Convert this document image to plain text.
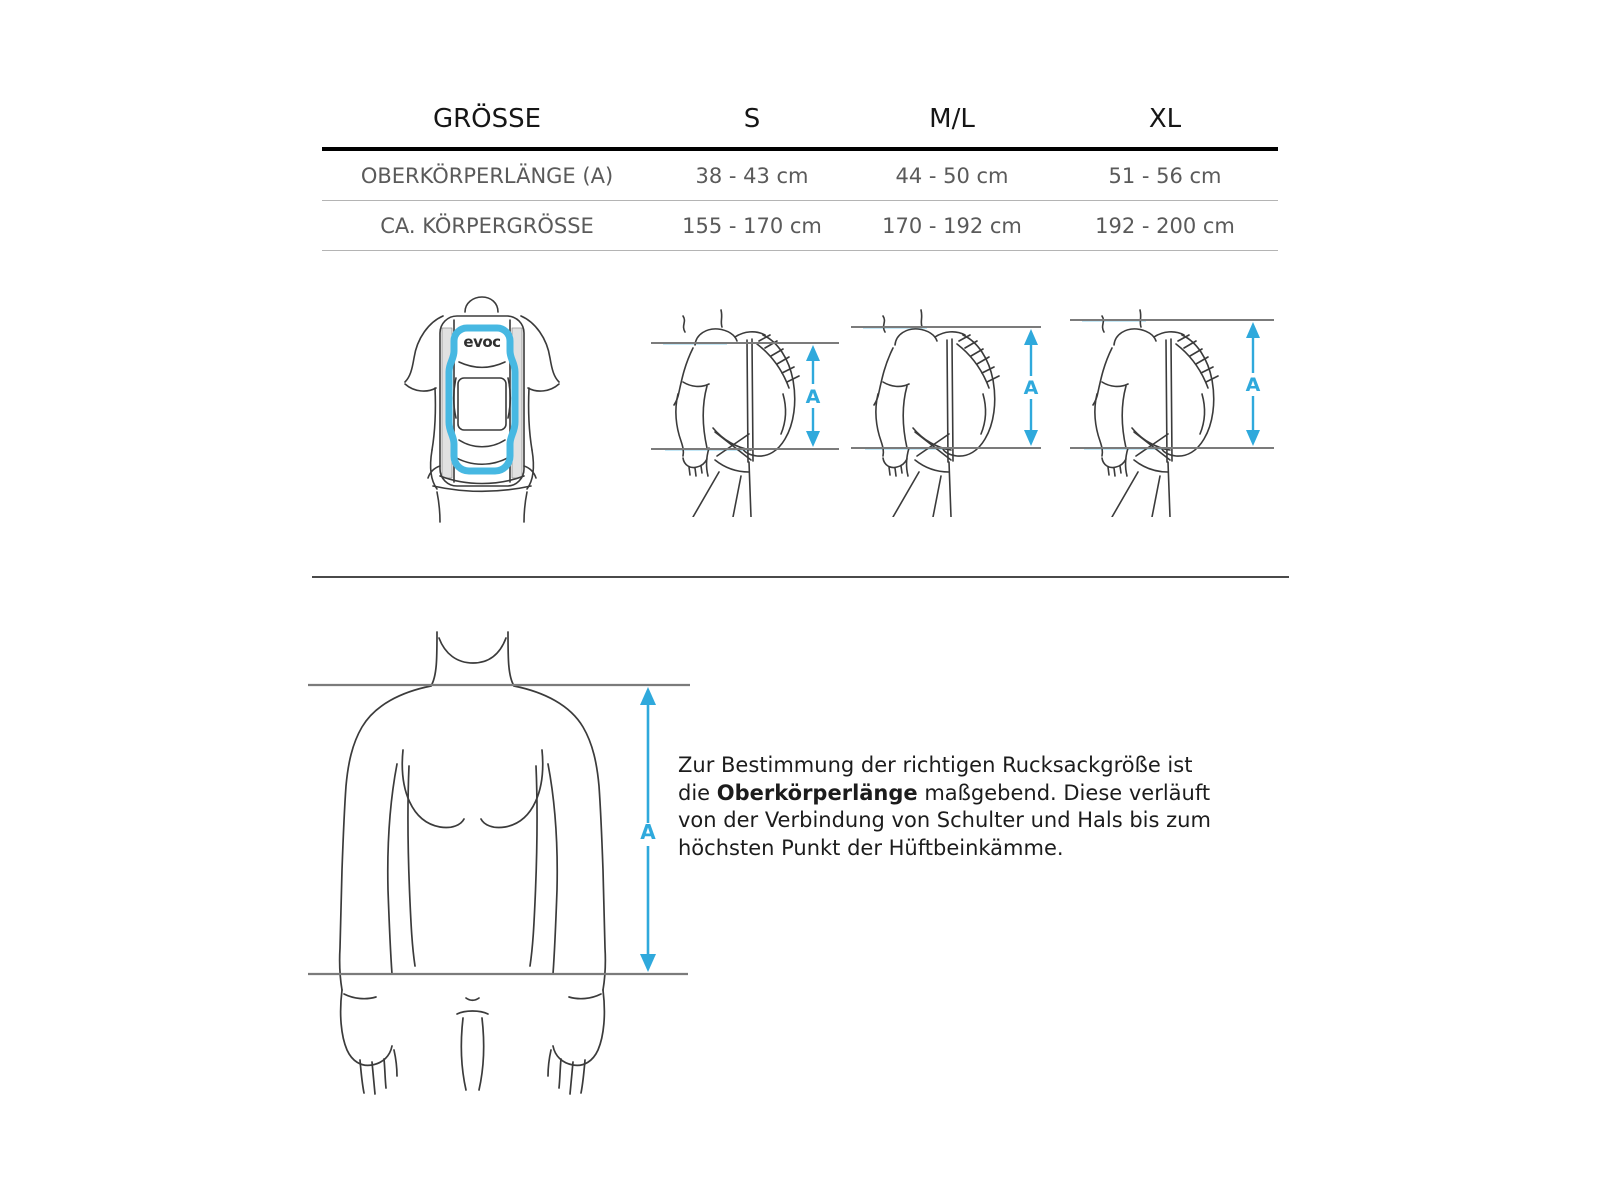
GRÖSSE	S	M/L	XL
OBERKÖRPERLÄNGE (A)	38 - 43 cm	44 - 50 cm	51 - 56 cm
CA. KÖRPERGRÖSSE	155 - 170 cm	170 - 192 cm	192 - 200 cm
evoc
A	A	A
A

Zur Bestimmung der richtigen Rucksackgröße ist
die Oberkörperlänge maßgebend. Diese verläuft
von der Verbindung von Schulter und Hals bis zum
höchsten Punkt der Hüftbeinkämme.
